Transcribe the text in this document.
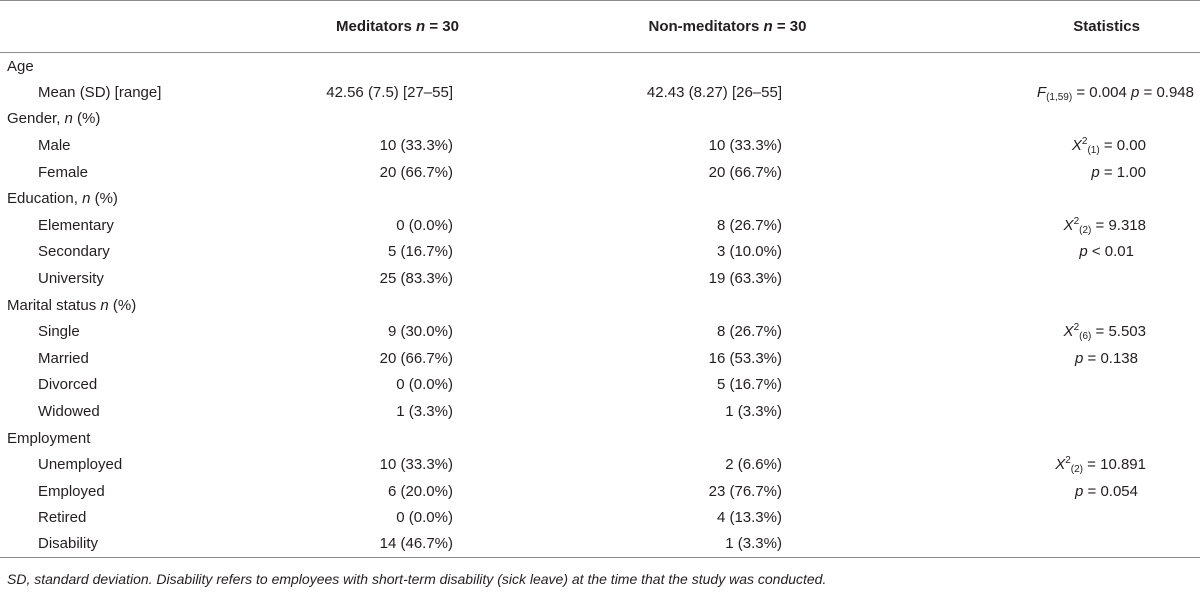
	Meditators n = 30	Non-meditators n = 30	Statistics
Age			
Mean (SD) [range]	42.56 (7.5) [27–55]	42.43 (8.27) [26–55]	$F_{(1,59)} = 0.004$ p = 0.948
Gender, n (%)			
Male	10 (33.3%)	10 (33.3%)	$X^2_{(1)} = 0.00$
Female	20 (66.7%)	20 (66.7%)	p = 1.00
Education, n (%)			
Elementary	0 (0.0%)	8 (26.7%)	$X^2_{(2)} = 9.318$
Secondary	5 (16.7%)	3 (10.0%)	p < 0.01
University	25 (83.3%)	19 (63.3%)	
Marital status n (%)			
Single	9 (30.0%)	8 (26.7%)	$X^2_{(6)} = 5.503$
Married	20 (66.7%)	16 (53.3%)	p = 0.138
Divorced	0 (0.0%)	5 (16.7%)	
Widowed	1 (3.3%)	1 (3.3%)	
Employment			
Unemployed	10 (33.3%)	2 (6.6%)	$X^2_{(2)} = 10.891$
Employed	6 (20.0%)	23 (76.7%)	p = 0.054
Retired	0 (0.0%)	4 (13.3%)	
Disability	14 (46.7%)	1 (3.3%)	
SD, standard deviation. Disability refers to employees with short-term disability (sick leave) at the time that the study was conducted.
